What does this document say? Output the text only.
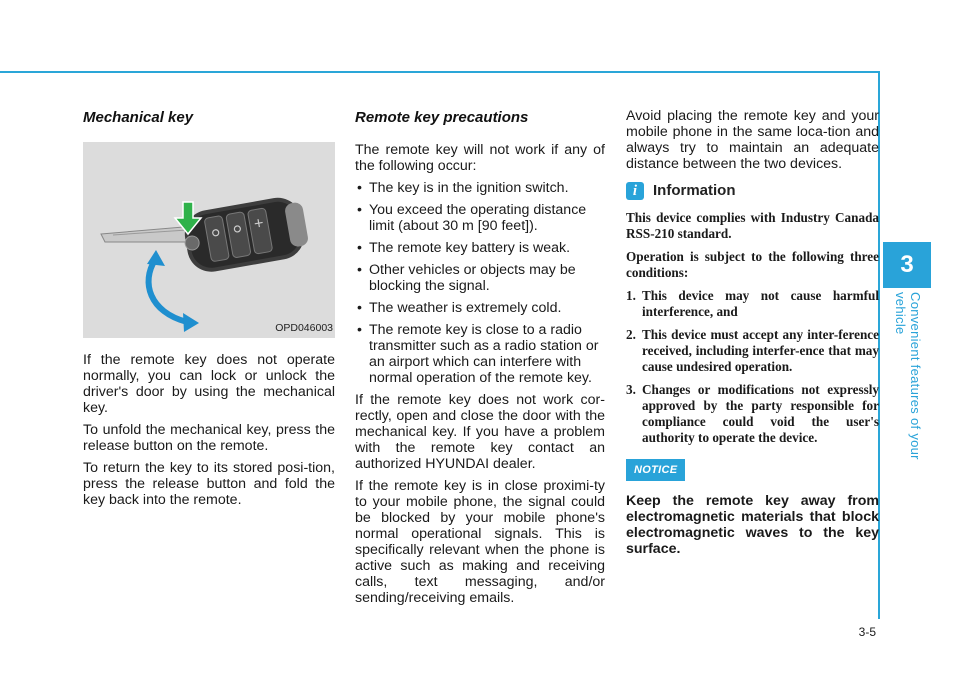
3
Convenient features of your vehicle
3-5
Mechanical key
OPD046003

If the remote key does not operate normally, you can lock or unlock the driver's door by using the mechanical key.

To unfold the mechanical key, press the release button on the remote.

To return the key to its stored posi-tion, press the release button and fold the key back into the remote.

Remote key precautions

The remote key will not work if any of the following occur:

• The key is in the ignition switch.
• You exceed the operating distance limit (about 30 m [90 feet]).
• The remote key battery is weak.
• Other vehicles or objects may be blocking the signal.
• The weather is extremely cold.
• The remote key is close to a radio transmitter such as a radio station or an airport which can interfere with normal operation of the remote key.

If the remote key does not work cor-rectly, open and close the door with the mechanical key. If you have a problem with the remote key contact an authorized HYUNDAI dealer.

If the remote key is in close proximi-ty to your mobile phone, the signal could be blocked by your mobile phone's normal operational signals. This is specifically relevant when the phone is active such as making and receiving calls, text messaging, and/or sending/receiving emails.

Avoid placing the remote key and your mobile phone in the same loca-tion and always try to maintain an adequate distance between the two devices.

i	Information

This device complies with Industry Canada RSS-210 standard.

Operation is subject to the following three conditions:

1. This device may not cause harmful interference, and
2. This device must accept any inter-ference received, including interfer-ence that may cause undesired operation.
3. Changes or modifications not expressly approved by the party responsible for compliance could void the user's authority to operate the device.
NOTICE

Keep the remote key away from electromagnetic materials that block electromagnetic waves to the key surface.
